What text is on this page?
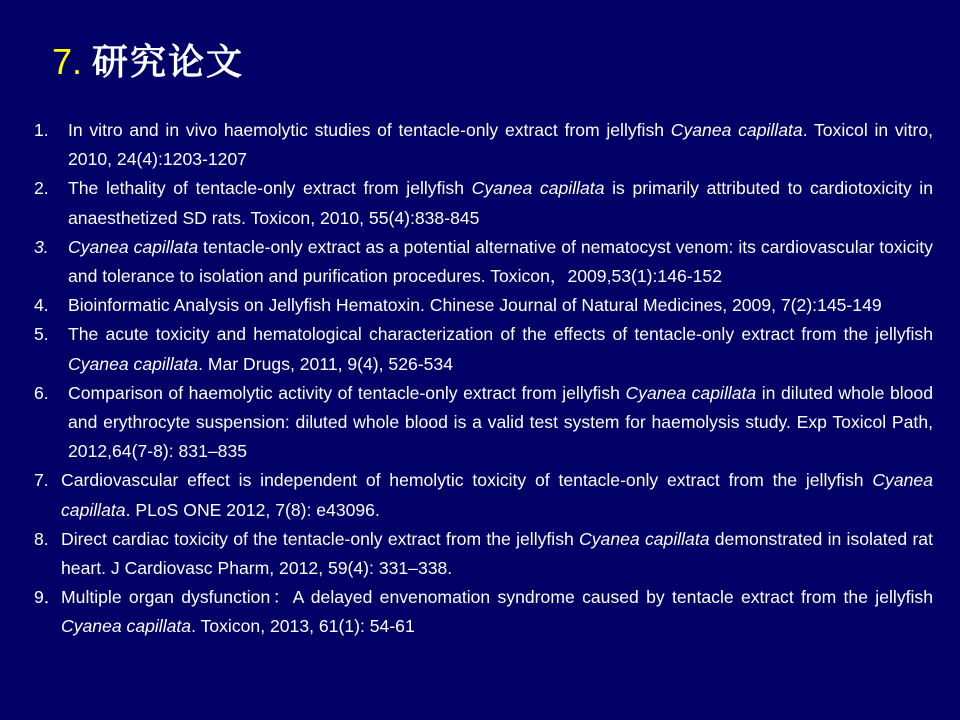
7. 研究论文
1. In vitro and in vivo haemolytic studies of tentacle-only extract from jellyfish Cyanea capillata. Toxicol in vitro, 2010, 24(4):1203-1207
2. The lethality of tentacle-only extract from jellyfish Cyanea capillata is primarily attributed to cardiotoxicity in anaesthetized SD rats. Toxicon, 2010, 55(4):838-845
3. Cyanea capillata tentacle-only extract as a potential alternative of nematocyst venom: its cardiovascular toxicity and tolerance to isolation and purification procedures. Toxicon，2009,53(1):146-152
4. Bioinformatic Analysis on Jellyfish Hematoxin. Chinese Journal of Natural Medicines, 2009, 7(2):145-149
5. The acute toxicity and hematological characterization of the effects of tentacle-only extract from the jellyfish Cyanea capillata. Mar Drugs, 2011, 9(4), 526-534
6. Comparison of haemolytic activity of tentacle-only extract from jellyfish Cyanea capillata in diluted whole blood and erythrocyte suspension: diluted whole blood is a valid test system for haemolysis study. Exp Toxicol Path, 2012,64(7-8): 831–835
7. Cardiovascular effect is independent of hemolytic toxicity of tentacle-only extract from the jellyfish Cyanea capillata. PLoS ONE 2012, 7(8): e43096.
8. Direct cardiac toxicity of the tentacle-only extract from the jellyfish Cyanea capillata demonstrated in isolated rat heart. J Cardiovasc Pharm, 2012, 59(4): 331–338.
9． Multiple organ dysfunction：A delayed envenomation syndrome caused by tentacle extract from the jellyfish Cyanea capillata. Toxicon, 2013, 61(1): 54-61
